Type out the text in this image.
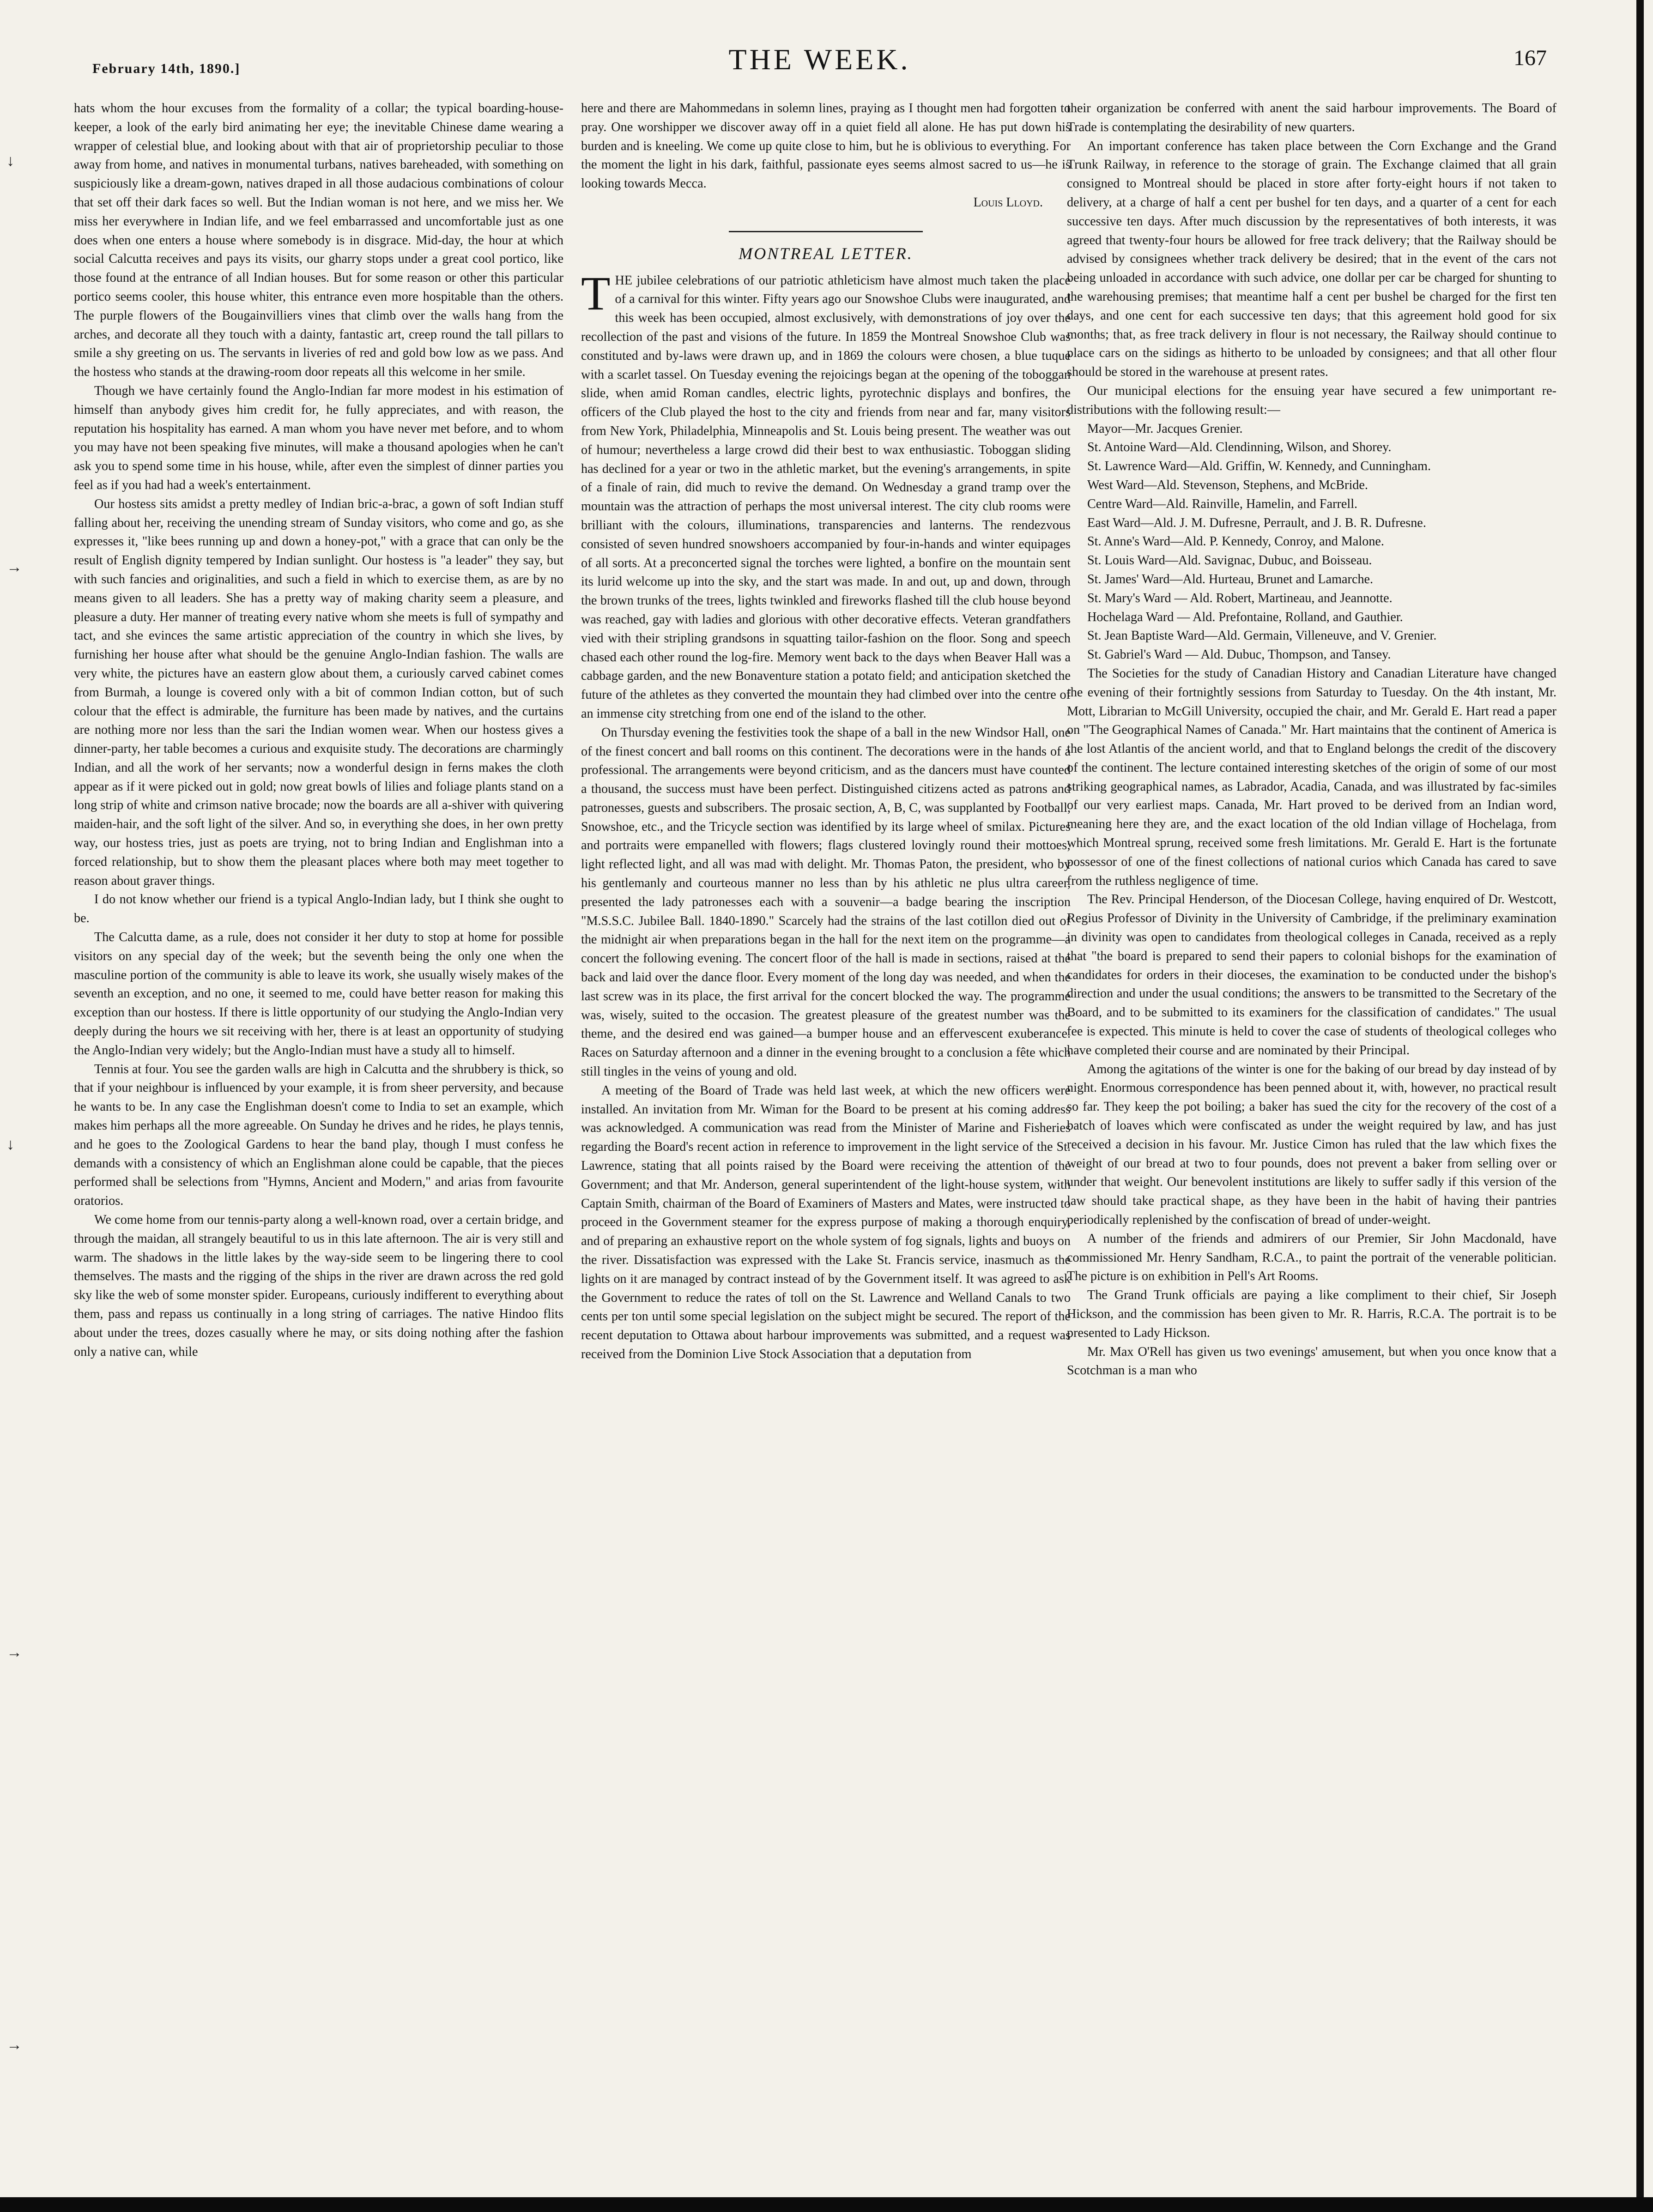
February 14th, 1890.]	THE WEEK.	167

hats whom the hour excuses from the formality of a collar; the typical boarding-house-keeper, a look of the early bird animating her eye; the inevitable Chinese dame wearing a wrapper of celestial blue, and looking about with that air of proprietorship peculiar to those away from home, and natives in monumental turbans, natives bareheaded, with something on suspiciously like a dream-gown, natives draped in all those audacious combinations of colour that set off their dark faces so well. But the Indian woman is not here, and we miss her. We miss her everywhere in Indian life, and we feel embarrassed and uncomfortable just as one does when one enters a house where somebody is in disgrace. Mid-day, the hour at which social Calcutta receives and pays its visits, our gharry stops under a great cool portico, like those found at the entrance of all Indian houses. But for some reason or other this particular portico seems cooler, this house whiter, this entrance even more hospitable than the others. The purple flowers of the Bougainvilliers vines that climb over the walls hang from the arches, and decorate all they touch with a dainty, fantastic art, creep round the tall pillars to smile a shy greeting on us. The servants in liveries of red and gold bow low as we pass. And the hostess who stands at the drawing-room door repeats all this welcome in her smile.

Though we have certainly found the Anglo-Indian far more modest in his estimation of himself than anybody gives him credit for, he fully appreciates, and with reason, the reputation his hospitality has earned. A man whom you have never met before, and to whom you may have not been speaking five minutes, will make a thousand apologies when he can't ask you to spend some time in his house, while, after even the simplest of dinner parties you feel as if you had had a week's entertainment.

Our hostess sits amidst a pretty medley of Indian bric-a-brac, a gown of soft Indian stuff falling about her, receiving the unending stream of Sunday visitors, who come and go, as she expresses it, "like bees running up and down a honey-pot," with a grace that can only be the result of English dignity tempered by Indian sunlight. Our hostess is "a leader" they say, but with such fancies and originalities, and such a field in which to exercise them, as are by no means given to all leaders. She has a pretty way of making charity seem a pleasure, and pleasure a duty. Her manner of treating every native whom she meets is full of sympathy and tact, and she evinces the same artistic appreciation of the country in which she lives, by furnishing her house after what should be the genuine Anglo-Indian fashion. The walls are very white, the pictures have an eastern glow about them, a curiously carved cabinet comes from Burmah, a lounge is covered only with a bit of common Indian cotton, but of such colour that the effect is admirable, the furniture has been made by natives, and the curtains are nothing more nor less than the sari the Indian women wear. When our hostess gives a dinner-party, her table becomes a curious and exquisite study. The decorations are charmingly Indian, and all the work of her servants; now a wonderful design in ferns makes the cloth appear as if it were picked out in gold; now great bowls of lilies and foliage plants stand on a long strip of white and crimson native brocade; now the boards are all a-shiver with quivering maiden-hair, and the soft light of the silver. And so, in everything she does, in her own pretty way, our hostess tries, just as poets are trying, not to bring Indian and Englishman into a forced relationship, but to show them the pleasant places where both may meet together to reason about graver things.

I do not know whether our friend is a typical Anglo-Indian lady, but I think she ought to be.

The Calcutta dame, as a rule, does not consider it her duty to stop at home for possible visitors on any special day of the week; but the seventh being the only one when the masculine portion of the community is able to leave its work, she usually wisely makes of the seventh an exception, and no one, it seemed to me, could have better reason for making this exception than our hostess. If there is little opportunity of our studying the Anglo-Indian very deeply during the hours we sit receiving with her, there is at least an opportunity of studying the Anglo-Indian very widely; but the Anglo-Indian must have a study all to himself.

Tennis at four. You see the garden walls are high in Calcutta and the shrubbery is thick, so that if your neighbour is influenced by your example, it is from sheer perversity, and because he wants to be. In any case the Englishman doesn't come to India to set an example, which makes him perhaps all the more agreeable. On Sunday he drives and he rides, he plays tennis, and he goes to the Zoological Gardens to hear the band play, though I must confess he demands with a consistency of which an Englishman alone could be capable, that the pieces performed shall be selections from "Hymns, Ancient and Modern," and arias from favourite oratorios.

We come home from our tennis-party along a well-known road, over a certain bridge, and through the maidan, all strangely beautiful to us in this late afternoon. The air is very still and warm. The shadows in the little lakes by the way-side seem to be lingering there to cool themselves. The masts and the rigging of the ships in the river are drawn across the red gold sky like the web of some monster spider. Europeans, curiously indifferent to everything about them, pass and repass us continually in a long string of carriages. The native Hindoo flits about under the trees, dozes casually where he may, or sits doing nothing after the fashion only a native can, while

here and there are Mahommedans in solemn lines, praying as I thought men had forgotten to pray. One worshipper we discover away off in a quiet field all alone. He has put down his burden and is kneeling. We come up quite close to him, but he is oblivious to everything. For the moment the light in his dark, faithful, passionate eyes seems almost sacred to us—he is looking towards Mecca.

Louis Lloyd.

MONTREAL LETTER.

THE jubilee celebrations of our patriotic athleticism have almost much taken the place of a carnival for this winter. Fifty years ago our Snowshoe Clubs were inaugurated, and this week has been occupied, almost exclusively, with demonstrations of joy over the recollection of the past and visions of the future. In 1859 the Montreal Snowshoe Club was constituted and by-laws were drawn up, and in 1869 the colours were chosen, a blue tuque with a scarlet tassel. On Tuesday evening the rejoicings began at the opening of the toboggan slide, when amid Roman candles, electric lights, pyrotechnic displays and bonfires, the officers of the Club played the host to the city and friends from near and far, many visitors from New York, Philadelphia, Minneapolis and St. Louis being present. The weather was out of humour; nevertheless a large crowd did their best to wax enthusiastic. Toboggan sliding has declined for a year or two in the athletic market, but the evening's arrangements, in spite of a finale of rain, did much to revive the demand. On Wednesday a grand tramp over the mountain was the attraction of perhaps the most universal interest. The city club rooms were brilliant with the colours, illuminations, transparencies and lanterns. The rendezvous consisted of seven hundred snowshoers accompanied by four-in-hands and winter equipages of all sorts. At a preconcerted signal the torches were lighted, a bonfire on the mountain sent its lurid welcome up into the sky, and the start was made. In and out, up and down, through the brown trunks of the trees, lights twinkled and fireworks flashed till the club house beyond was reached, gay with ladies and glorious with other decorative effects. Veteran grandfathers vied with their stripling grandsons in squatting tailor-fashion on the floor. Song and speech chased each other round the log-fire. Memory went back to the days when Beaver Hall was a cabbage garden, and the new Bonaventure station a potato field; and anticipation sketched the future of the athletes as they converted the mountain they had climbed over into the centre of an immense city stretching from one end of the island to the other.

On Thursday evening the festivities took the shape of a ball in the new Windsor Hall, one of the finest concert and ball rooms on this continent. The decorations were in the hands of a professional. The arrangements were beyond criticism, and as the dancers must have counted a thousand, the success must have been perfect. Distinguished citizens acted as patrons and patronesses, guests and subscribers. The prosaic section, A, B, C, was supplanted by Football, Snowshoe, etc., and the Tricycle section was identified by its large wheel of smilax. Pictures and portraits were empanelled with flowers; flags clustered lovingly round their mottoes; light reflected light, and all was mad with delight. Mr. Thomas Paton, the president, who by his gentlemanly and courteous manner no less than by his athletic ne plus ultra career, presented the lady patronesses each with a souvenir—a badge bearing the inscription "M.S.S.C. Jubilee Ball. 1840-1890." Scarcely had the strains of the last cotillon died out of the midnight air when preparations began in the hall for the next item on the programme—a concert the following evening. The concert floor of the hall is made in sections, raised at the back and laid over the dance floor. Every moment of the long day was needed, and when the last screw was in its place, the first arrival for the concert blocked the way. The programme was, wisely, suited to the occasion. The greatest pleasure of the greatest number was the theme, and the desired end was gained—a bumper house and an effervescent exuberance. Races on Saturday afternoon and a dinner in the evening brought to a conclusion a fête which still tingles in the veins of young and old.

A meeting of the Board of Trade was held last week, at which the new officers were installed. An invitation from Mr. Wiman for the Board to be present at his coming address was acknowledged. A communication was read from the Minister of Marine and Fisheries regarding the Board's recent action in reference to improvement in the light service of the St. Lawrence, stating that all points raised by the Board were receiving the attention of the Government; and that Mr. Anderson, general superintendent of the light-house system, with Captain Smith, chairman of the Board of Examiners of Masters and Mates, were instructed to proceed in the Government steamer for the express purpose of making a thorough enquiry, and of preparing an exhaustive report on the whole system of fog signals, lights and buoys on the river. Dissatisfaction was expressed with the Lake St. Francis service, inasmuch as the lights on it are managed by contract instead of by the Government itself. It was agreed to ask the Government to reduce the rates of toll on the St. Lawrence and Welland Canals to two cents per ton until some special legislation on the subject might be secured. The report of the recent deputation to Ottawa about harbour improvements was submitted, and a request was received from the Dominion Live Stock Association that a deputation from

their organization be conferred with anent the said harbour improvements. The Board of Trade is contemplating the desirability of new quarters.

An important conference has taken place between the Corn Exchange and the Grand Trunk Railway, in reference to the storage of grain. The Exchange claimed that all grain consigned to Montreal should be placed in store after forty-eight hours if not taken to delivery, at a charge of half a cent per bushel for ten days, and a quarter of a cent for each successive ten days. After much discussion by the representatives of both interests, it was agreed that twenty-four hours be allowed for free track delivery; that the Railway should be advised by consignees whether track delivery be desired; that in the event of the cars not being unloaded in accordance with such advice, one dollar per car be charged for shunting to the warehousing premises; that meantime half a cent per bushel be charged for the first ten days, and one cent for each successive ten days; that this agreement hold good for six months; that, as free track delivery in flour is not necessary, the Railway should continue to place cars on the sidings as hitherto to be unloaded by consignees; and that all other flour should be stored in the warehouse at present rates.

Our municipal elections for the ensuing year have secured a few unimportant re-distributions with the following result:—

Mayor—Mr. Jacques Grenier.

St. Antoine Ward—Ald. Clendinning, Wilson, and Shorey.

St. Lawrence Ward—Ald. Griffin, W. Kennedy, and Cunningham.

West Ward—Ald. Stevenson, Stephens, and McBride.

Centre Ward—Ald. Rainville, Hamelin, and Farrell.

East Ward—Ald. J. M. Dufresne, Perrault, and J. B. R. Dufresne.

St. Anne's Ward—Ald. P. Kennedy, Conroy, and Malone.

St. Louis Ward—Ald. Savignac, Dubuc, and Boisseau.

St. James' Ward—Ald. Hurteau, Brunet and Lamarche.

St. Mary's Ward — Ald. Robert, Martineau, and Jeannotte.

Hochelaga Ward — Ald. Prefontaine, Rolland, and Gauthier.

St. Jean Baptiste Ward—Ald. Germain, Villeneuve, and V. Grenier.

St. Gabriel's Ward — Ald. Dubuc, Thompson, and Tansey.

The Societies for the study of Canadian History and Canadian Literature have changed the evening of their fortnightly sessions from Saturday to Tuesday. On the 4th instant, Mr. Mott, Librarian to McGill University, occupied the chair, and Mr. Gerald E. Hart read a paper on "The Geographical Names of Canada." Mr. Hart maintains that the continent of America is the lost Atlantis of the ancient world, and that to England belongs the credit of the discovery of the continent. The lecture contained interesting sketches of the origin of some of our most striking geographical names, as Labrador, Acadia, Canada, and was illustrated by fac-similes of our very earliest maps. Canada, Mr. Hart proved to be derived from an Indian word, meaning here they are, and the exact location of the old Indian village of Hochelaga, from which Montreal sprung, received some fresh limitations. Mr. Gerald E. Hart is the fortunate possessor of one of the finest collections of national curios which Canada has cared to save from the ruthless negligence of time.

The Rev. Principal Henderson, of the Diocesan College, having enquired of Dr. Westcott, Regius Professor of Divinity in the University of Cambridge, if the preliminary examination in divinity was open to candidates from theological colleges in Canada, received as a reply that "the board is prepared to send their papers to colonial bishops for the examination of candidates for orders in their dioceses, the examination to be conducted under the bishop's direction and under the usual conditions; the answers to be transmitted to the Secretary of the Board, and to be submitted to its examiners for the classification of candidates." The usual fee is expected. This minute is held to cover the case of students of theological colleges who have completed their course and are nominated by their Principal.

Among the agitations of the winter is one for the baking of our bread by day instead of by night. Enormous correspondence has been penned about it, with, however, no practical result so far. They keep the pot boiling; a baker has sued the city for the recovery of the cost of a batch of loaves which were confiscated as under the weight required by law, and has just received a decision in his favour. Mr. Justice Cimon has ruled that the law which fixes the weight of our bread at two to four pounds, does not prevent a baker from selling over or under that weight. Our benevolent institutions are likely to suffer sadly if this version of the law should take practical shape, as they have been in the habit of having their pantries periodically replenished by the confiscation of bread of under-weight.

A number of the friends and admirers of our Premier, Sir John Macdonald, have commissioned Mr. Henry Sandham, R.C.A., to paint the portrait of the venerable politician. The picture is on exhibition in Pell's Art Rooms.

The Grand Trunk officials are paying a like compliment to their chief, Sir Joseph Hickson, and the commission has been given to Mr. R. Harris, R.C.A. The portrait is to be presented to Lady Hickson.

Mr. Max O'Rell has given us two evenings' amusement, but when you once know that a Scotchman is a man who

↓
→
↓
→
→
